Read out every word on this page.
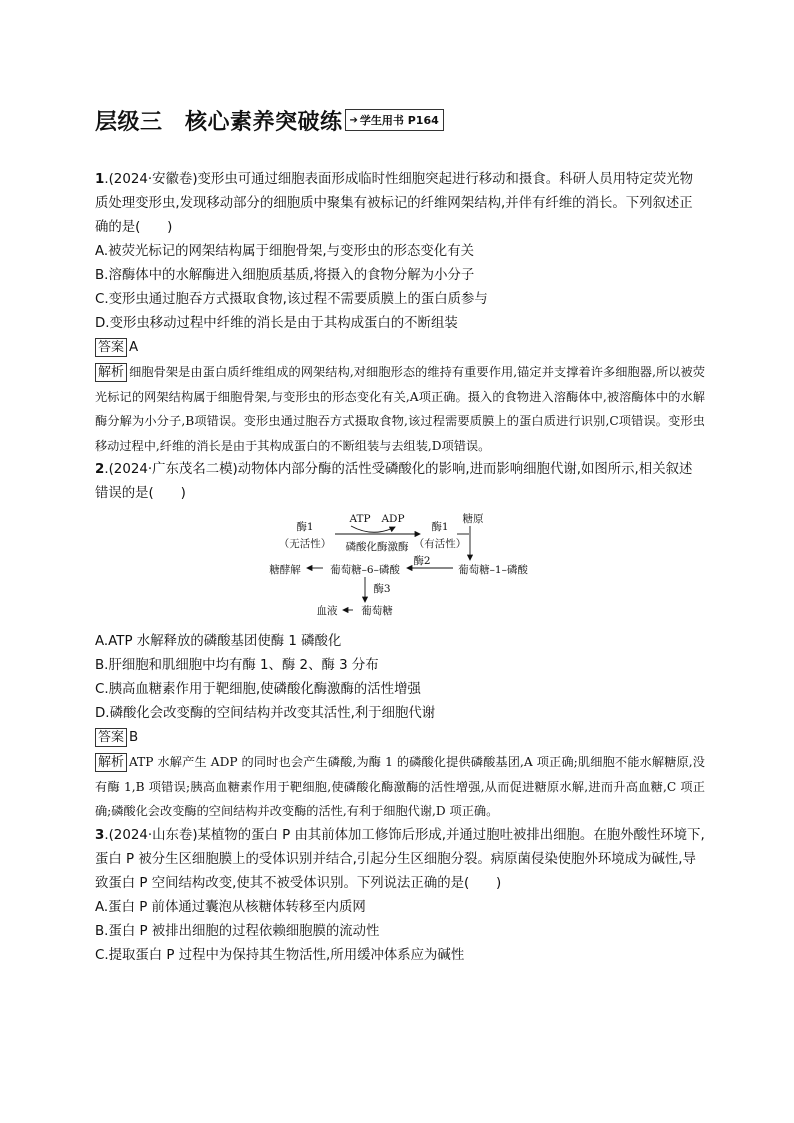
层级三　核心素养突破练 ➔ 学生用书 P164

1.(2024·安徽卷)变形虫可通过细胞表面形成临时性细胞突起进行移动和摄食。科研人员用特定荧光物质处理变形虫,发现移动部分的细胞质中聚集有被标记的纤维网架结构,并伴有纤维的消长。下列叙述正确的是(　　)

A.被荧光标记的网架结构属于细胞骨架,与变形虫的形态变化有关

B.溶酶体中的水解酶进入细胞质基质,将摄入的食物分解为小分子

C.变形虫通过胞吞方式摄取食物,该过程不需要质膜上的蛋白质参与

D.变形虫移动过程中纤维的消长是由于其构成蛋白的不断组装

答案 A

解析 细胞骨架是由蛋白质纤维组成的网架结构,对细胞形态的维持有重要作用,锚定并支撑着许多细胞器,所以被荧光标记的网架结构属于细胞骨架,与变形虫的形态变化有关,A项正确。摄入的食物进入溶酶体中,被溶酶体中的水解酶分解为小分子,B项错误。变形虫通过胞吞方式摄取食物,该过程需要质膜上的蛋白质进行识别,C项错误。变形虫移动过程中,纤维的消长是由于其构成蛋白的不断组装与去组装,D项错误。

2.(2024·广东茂名二模)动物体内部分酶的活性受磷酸化的影响,进而影响细胞代谢,如图所示,相关叙述错误的是(　　)

酶1
（无活性）
ATP ADP
磷酸化酶激酶
酶1
（有活性）
糖原
葡萄糖–1–磷酸
酶2
葡萄糖–6–磷酸
糖酵解
酶3
葡萄糖
血液

A.ATP 水解释放的磷酸基团使酶 1 磷酸化

B.肝细胞和肌细胞中均有酶 1、酶 2、酶 3 分布

C.胰高血糖素作用于靶细胞,使磷酸化酶激酶的活性增强

D.磷酸化会改变酶的空间结构并改变其活性,利于细胞代谢

答案 B

解析 ATP 水解产生 ADP 的同时也会产生磷酸,为酶 1 的磷酸化提供磷酸基团,A 项正确;肌细胞不能水解糖原,没有酶 1,B 项错误;胰高血糖素作用于靶细胞,使磷酸化酶激酶的活性增强,从而促进糖原水解,进而升高血糖,C 项正确;磷酸化会改变酶的空间结构并改变酶的活性,有利于细胞代谢,D 项正确。

3.(2024·山东卷)某植物的蛋白 P 由其前体加工修饰后形成,并通过胞吐被排出细胞。在胞外酸性环境下,蛋白 P 被分生区细胞膜上的受体识别并结合,引起分生区细胞分裂。病原菌侵染使胞外环境成为碱性,导致蛋白 P 空间结构改变,使其不被受体识别。下列说法正确的是(　　)

A.蛋白 P 前体通过囊泡从核糖体转移至内质网

B.蛋白 P 被排出细胞的过程依赖细胞膜的流动性

C.提取蛋白 P 过程中为保持其生物活性,所用缓冲体系应为碱性
